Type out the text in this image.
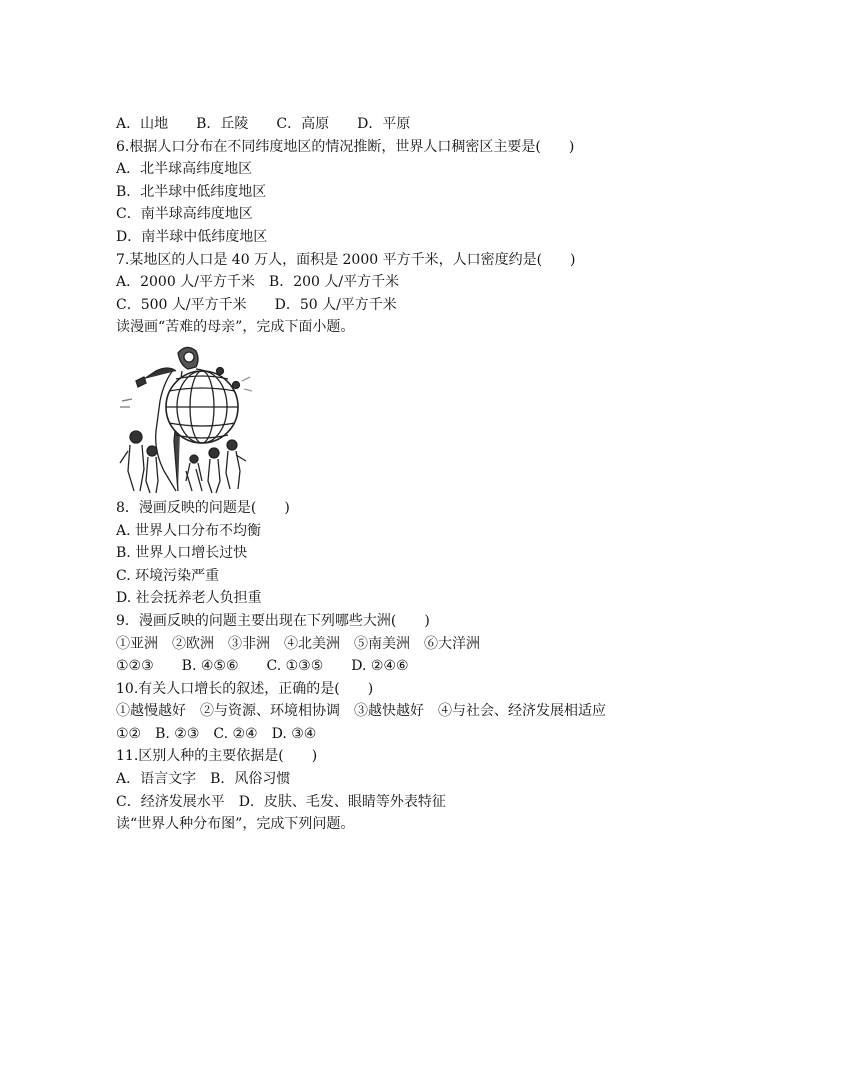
A．山地　　B．丘陵　　C．高原　　D．平原
6.根据人口分布在不同纬度地区的情况推断，世界人口稠密区主要是(　　)
A．北半球高纬度地区
B．北半球中低纬度地区
C．南半球高纬度地区
D．南半球中低纬度地区
7.某地区的人口是 40 万人，面积是 2000 平方千米，人口密度约是(　　)
A．2000 人/平方千米　B．200 人/平方千米
C．500 人/平方千米　　D．50 人/平方千米
读漫画“苦难的母亲”，完成下面小题。
8．漫画反映的问题是(　　)
A. 世界人口分布不均衡
B. 世界人口增长过快
C. 环境污染严重
D. 社会抚养老人负担重
9．漫画反映的问题主要出现在下列哪些大洲(　　)
①亚洲　②欧洲　③非洲　④北美洲　⑤南美洲　⑥大洋洲
①②③　　B. ④⑤⑥　　C. ①③⑤　　D. ②④⑥
10.有关人口增长的叙述，正确的是(　　)
①越慢越好　②与资源、环境相协调　③越快越好　④与社会、经济发展相适应
①②　B. ②③　C. ②④　D. ③④
11.区别人种的主要依据是(　　)
A．语言文字　B．风俗习惯
C．经济发展水平　D．皮肤、毛发、眼睛等外表特征
读“世界人种分布图”，完成下列问题。
